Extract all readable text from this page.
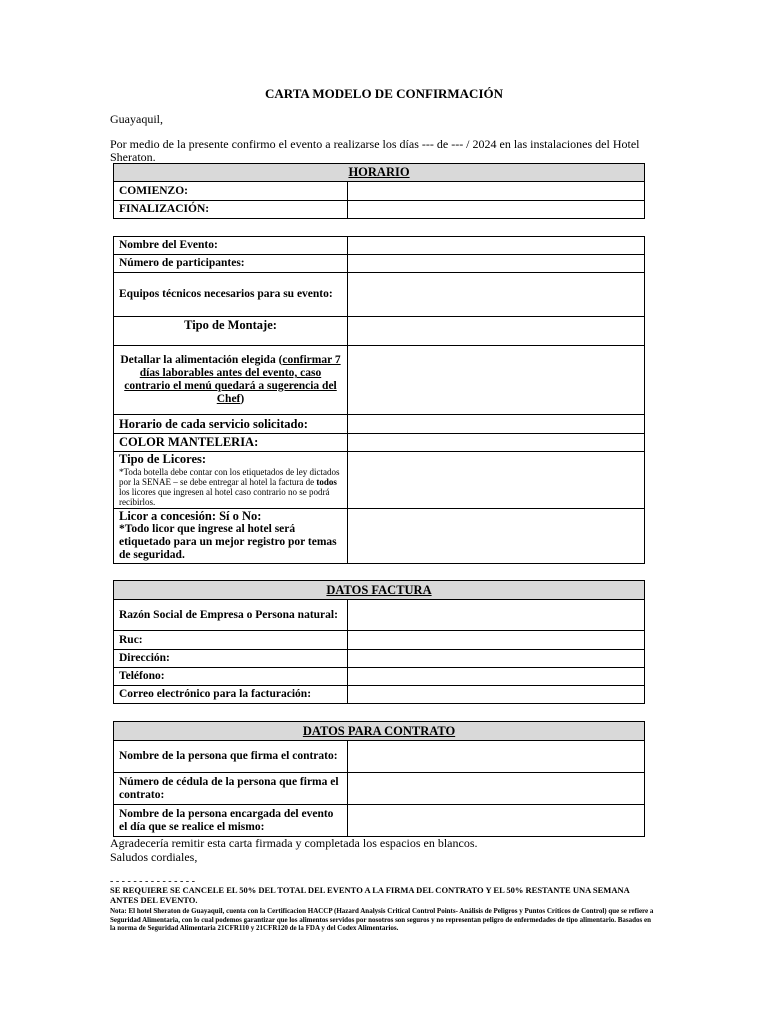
CARTA MODELO DE CONFIRMACIÓN
Guayaquil,
Por medio de la presente confirmo el evento a realizarse los días --- de --- / 2024 en las instalaciones del Hotel
Sheraton.
HORARIO	
COMIENZO:	
FINALIZACIÓN:	
Nombre del Evento:	
Número de participantes:	
Equipos técnicos necesarios para su evento:	
Tipo de Montaje:	
Detallar la alimentación elegida (confirmar 7 días laborables antes del evento, caso contrario el menú quedará a sugerencia del Chef)	
Horario de cada servicio solicitado:	
COLOR MANTELERIA:	
Tipo de Licores:
*Toda botella debe contar con los etiquetados de ley dictados por la SENAE – se debe entregar al hotel la factura de todos los licores que ingresen al hotel caso contrario no se podrá recibirlos.	

Licor a concesión: Sí o No:
*Todo licor que ingrese al hotel será etiquetado para un mejor registro por temas de seguridad.	

DATOS FACTURA	
Razón Social de Empresa o Persona natural:	
Ruc:	
Dirección:	
Teléfono:	
Correo electrónico para la facturación:	
DATOS PARA CONTRATO	
Nombre de la persona que firma el contrato:	
Número de cédula de la persona que firma el contrato:	
Nombre de la persona encargada del evento el día que se realice el mismo:	
Agradecería remitir esta carta firmada y completada los espacios en blancos.
Saludos cordiales,
- - - - - - - - - - - - - - -
SE REQUIERE SE CANCELE EL 50% DEL TOTAL DEL EVENTO A LA FIRMA DEL CONTRATO Y EL 50% RESTANTE UNA SEMANA ANTES DEL EVENTO.
Nota: El hotel Sheraton de Guayaquil, cuenta con la Certificacion HACCP (Hazard Analysis Critical Control Points- Análisis de Peligros y Puntos Críticos de Control) que se refiere a Seguridad Alimentaria, con lo cual podemos garantizar que los alimentos servidos por nosotros son seguros y no representan peligro de enfermedades de tipo alimentario. Basados en la norma de Seguridad Alimentaria 21CFR110 y 21CFR120 de la FDA y del Codex Alimentarios.
